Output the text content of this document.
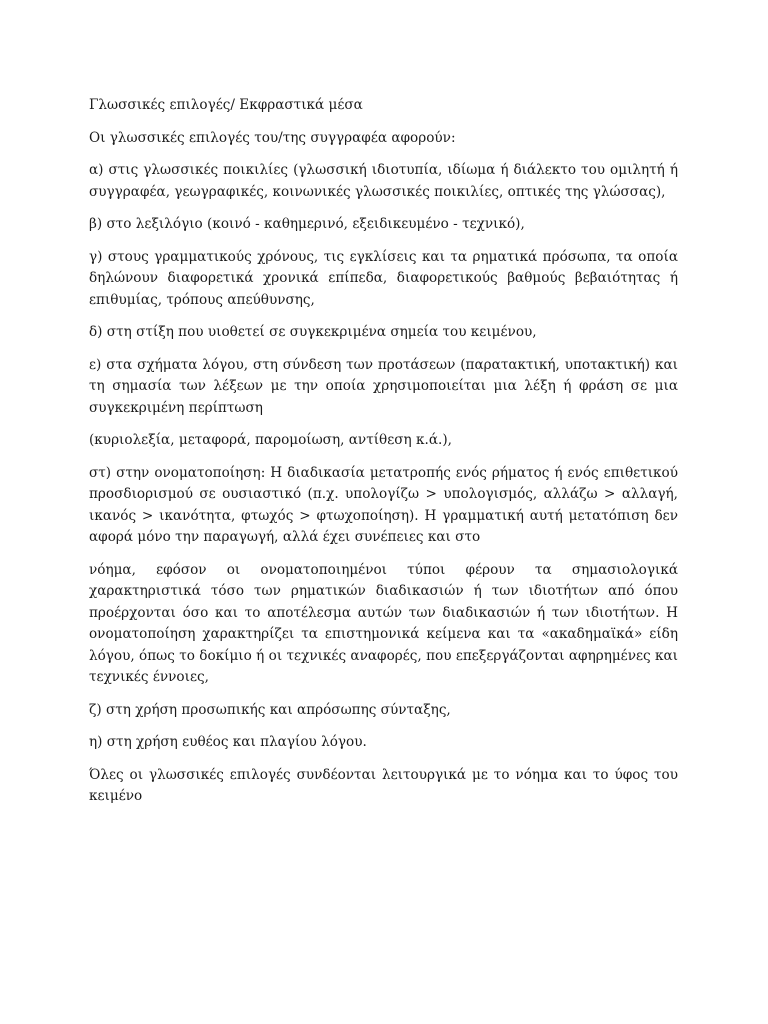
Γλωσσικές επιλογές/ Εκφραστικά μέσα

Οι γλωσσικές επιλογές του/της συγγραφέα αφορούν:

α) στις γλωσσικές ποικιλίες (γλωσσική ιδιοτυπία, ιδίωμα ή διάλεκτο του ομιλητή ή συγγραφέα, γεωγραφικές, κοινωνικές γλωσσικές ποικιλίες, οπτικές της γλώσσας),

β) στο λεξιλόγιο (κοινό - καθημερινό, εξειδικευμένο - τεχνικό),

γ) στους γραμματικούς χρόνους, τις εγκλίσεις και τα ρηματικά πρόσωπα, τα οποία δηλώνουν διαφορετικά χρονικά επίπεδα, διαφορετικούς βαθμούς βεβαιότητας ή επιθυμίας, τρόπους απεύθυνσης,

δ) στη στίξη που υιοθετεί σε συγκεκριμένα σημεία του κειμένου,

ε) στα σχήματα λόγου, στη σύνδεση των προτάσεων (παρατακτική, υποτακτική) και τη σημασία των λέξεων με την οποία χρησιμοποιείται μια λέξη ή φράση σε μια συγκεκριμένη περίπτωση

(κυριολεξία, μεταφορά, παρομοίωση, αντίθεση κ.ά.),

στ) στην ονοματοποίηση: Η διαδικασία μετατροπής ενός ρήματος ή ενός επιθετικού προσδιορισμού σε ουσιαστικό (π.χ. υπολογίζω > υπολογισμός, αλλάζω > αλλαγή, ικανός > ικανότητα, φτωχός > φτωχοποίηση). Η γραμματική αυτή μετατόπιση δεν αφορά μόνο την παραγωγή, αλλά έχει συνέπειες και στο

νόημα, εφόσον οι ονοματοποιημένοι τύποι φέρουν τα σημασιολογικά χαρακτηριστικά τόσο των ρηματικών διαδικασιών ή των ιδιοτήτων από όπου προέρχονται όσο και το αποτέλεσμα αυτών των διαδικασιών ή των ιδιοτήτων. Η ονοματοποίηση χαρακτηρίζει τα επιστημονικά κείμενα και τα «ακαδημαϊκά» είδη λόγου, όπως το δοκίμιο ή οι τεχνικές αναφορές, που επεξεργάζονται αφηρημένες και τεχνικές έννοιες,

ζ) στη χρήση προσωπικής και απρόσωπης σύνταξης,

η) στη χρήση ευθέος και πλαγίου λόγου.

Όλες οι γλωσσικές επιλογές συνδέονται λειτουργικά με το νόημα και το ύφος του κειμένο
